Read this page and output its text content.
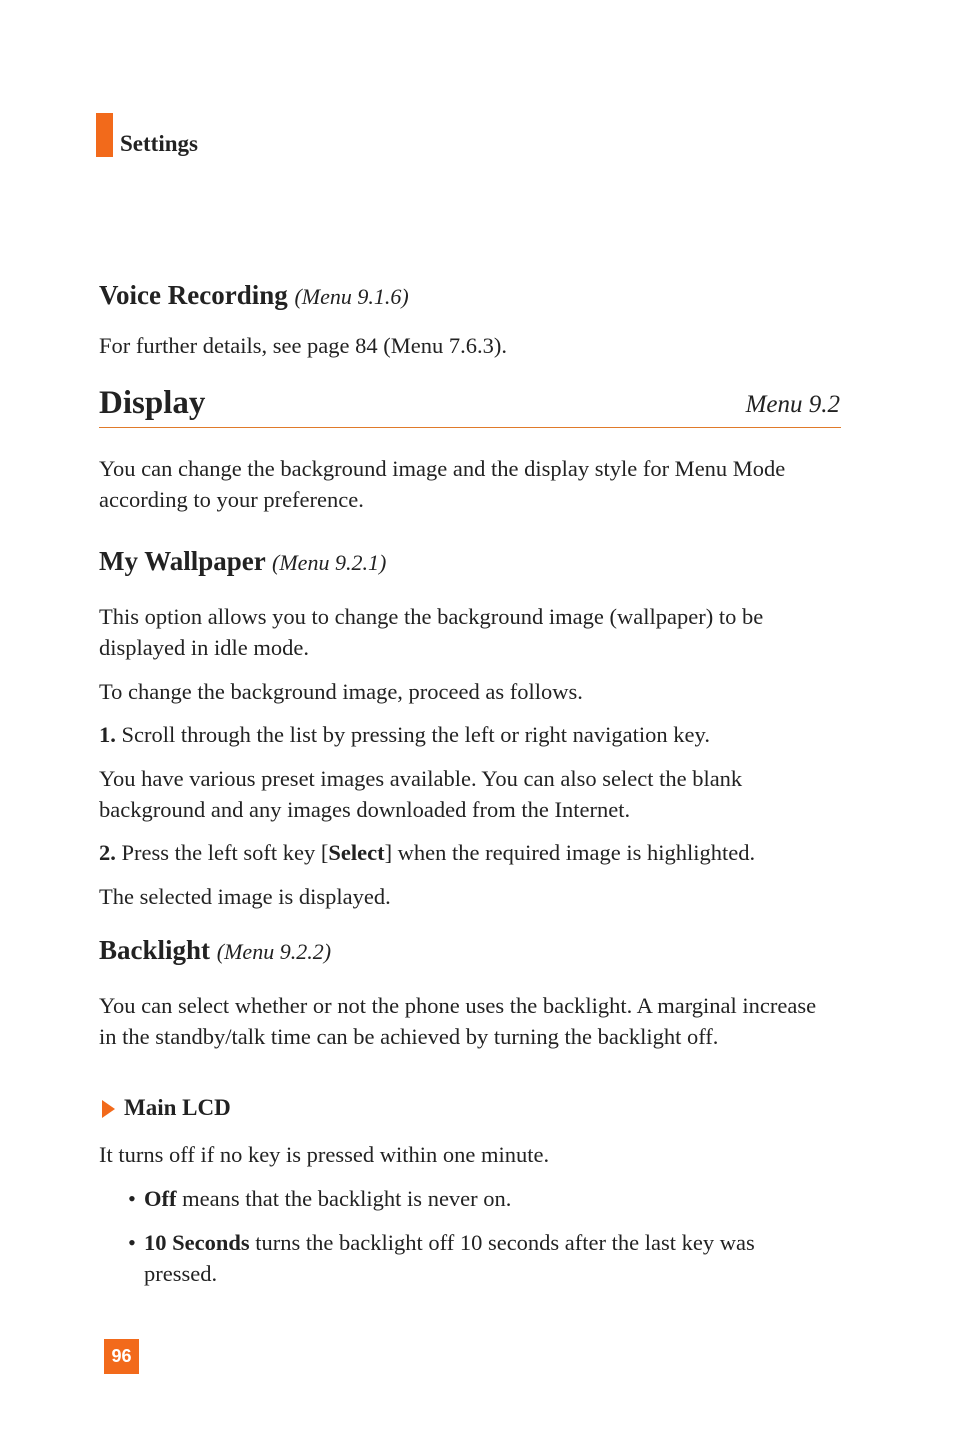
Settings
Voice Recording (Menu 9.1.6)

For further details, see page 84 (Menu 7.6.3).

Display	Menu 9.2

You can change the background image and the display style for Menu Mode according to your preference.

My Wallpaper (Menu 9.2.1)

This option allows you to change the background image (wallpaper) to be displayed in idle mode.

To change the background image, proceed as follows.

1. Scroll through the list by pressing the left or right navigation key.

You have various preset images available. You can also select the blank background and any images downloaded from the Internet.

2. Press the left soft key [Select] when the required image is highlighted.

The selected image is displayed.

Backlight (Menu 9.2.2)

You can select whether or not the phone uses the backlight. A marginal increase in the standby/talk time can be achieved by turning the backlight off.

Main LCD

It turns off if no key is pressed within one minute.

• Off means that the backlight is never on.
• 10 Seconds turns the backlight off 10 seconds after the last key was pressed.
96
